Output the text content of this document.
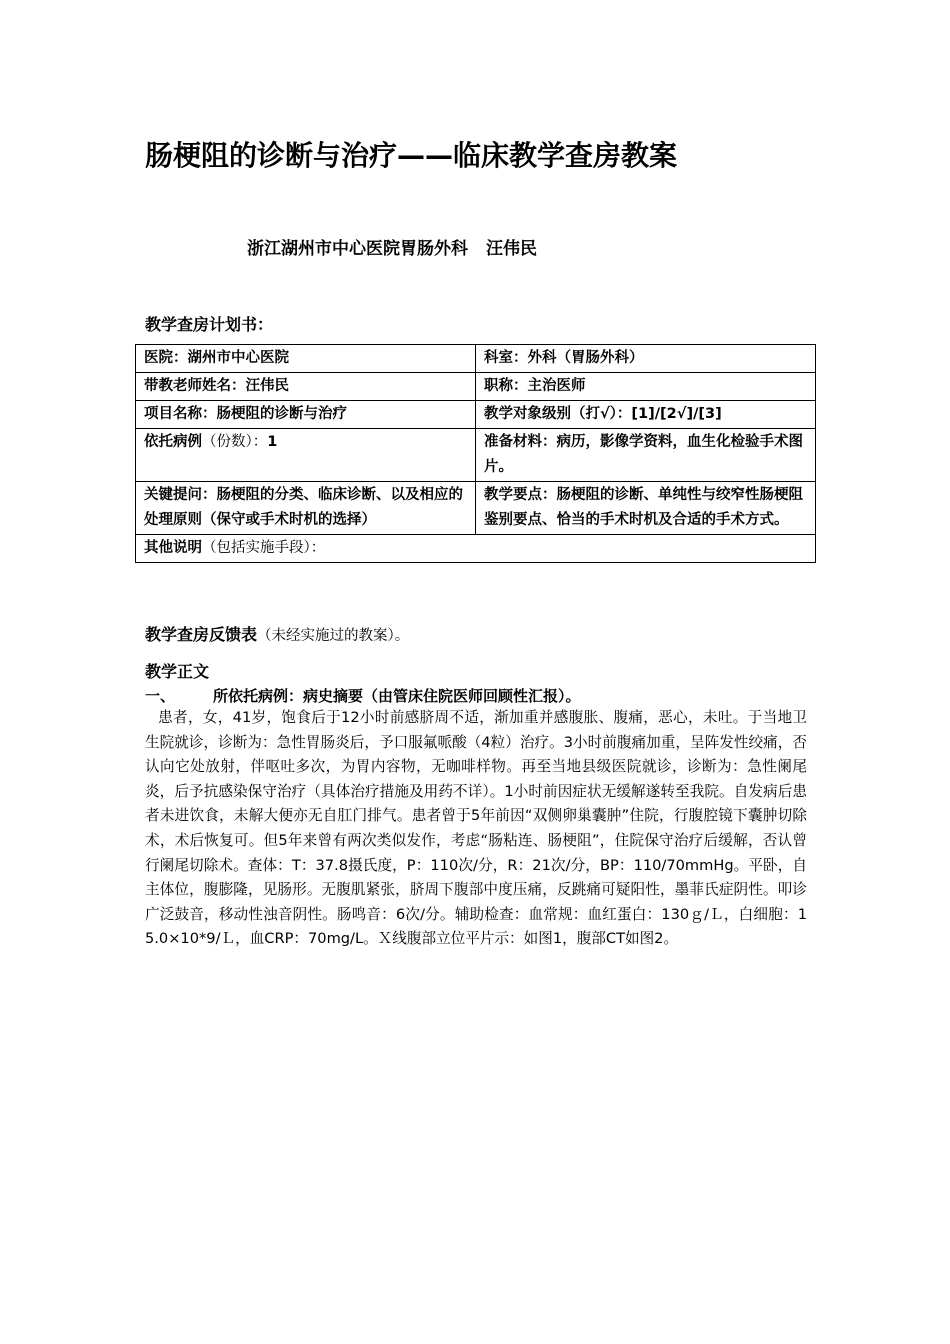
肠梗阻的诊断与治疗——临床教学查房教案
浙江湖州市中心医院胃肠外科 汪伟民
教学查房计划书：
医院：湖州市中心医院	科室：外科（胃肠外科）
带教老师姓名：汪伟民	职称：主治医师
项目名称：肠梗阻的诊断与治疗	教学对象级别（打√）：[1]/[2√]/[3]
依托病例（份数）：1	准备材料：病历，影像学资料，血生化检验手术图片。
关键提问：肠梗阻的分类、临床诊断、以及相应的处理原则（保守或手术时机的选择）	教学要点：肠梗阻的诊断、单纯性与绞窄性肠梗阻鉴别要点、恰当的手术时机及合适的手术方式。
其他说明（包括实施手段）：	
教学查房反馈表（未经实施过的教案）。
教学正文
一、	所依托病例：病史摘要（由管床住院医师回顾性汇报）。
患者，女，41岁，饱食后于12小时前感脐周不适，渐加重并感腹胀、腹痛，恶心，未吐。于当地卫生院就诊，诊断为：急性胃肠炎后，予口服氟哌酸（4粒）治疗。3小时前腹痛加重，呈阵发性绞痛，否认向它处放射，伴呕吐多次，为胃内容物，无咖啡样物。再至当地县级医院就诊，诊断为：急性阑尾炎，后予抗感染保守治疗（具体治疗措施及用药不详）。1小时前因症状无缓解遂转至我院。自发病后患者未进饮食，未解大便亦无自肛门排气。患者曾于5年前因“双侧卵巢囊肿”住院，行腹腔镜下囊肿切除术，术后恢复可。但5年来曾有两次类似发作，考虑“肠粘连、肠梗阻”，住院保守治疗后缓解，否认曾行阑尾切除术。查体：T：37.8摄氏度，P：110次/分，R：21次/分，BP：110/70mmHg。平卧，自主体位，腹膨隆，见肠形。无腹肌紧张，脐周下腹部中度压痛，反跳痛可疑阳性，墨菲氏症阴性。叩诊广泛鼓音，移动性浊音阴性。肠鸣音：6次/分。辅助检查：血常规：血红蛋白：130ｇ/Ｌ，白细胞：15.0×10*9/Ｌ，血CRP：70mg/L。Ｘ线腹部立位平片示：如图1，腹部CT如图2。
